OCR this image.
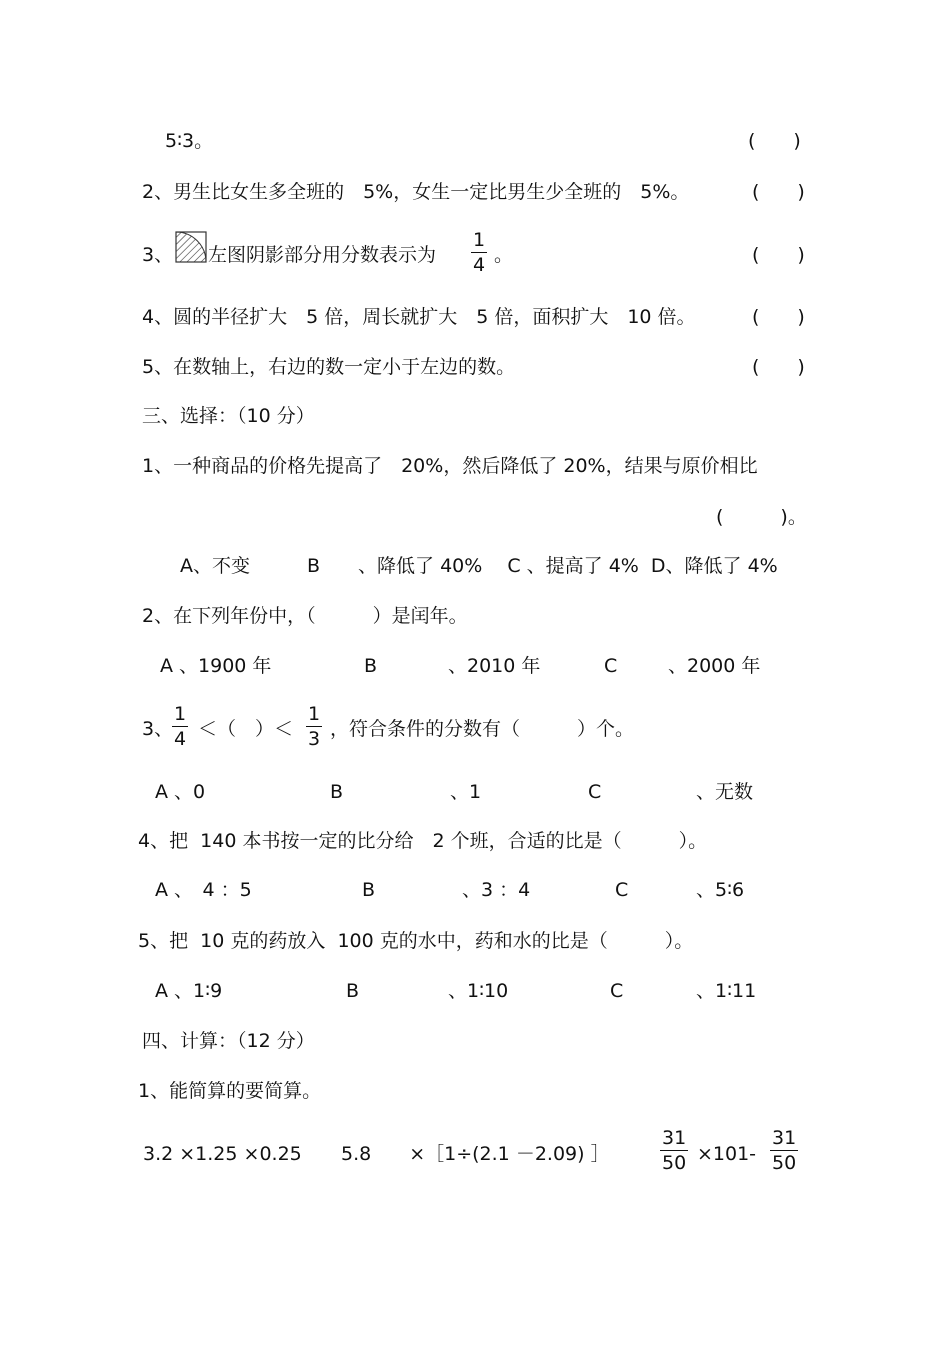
5∶3。	(　　)
2、男生比女生多全班的　5%，女生一定比男生少全班的　5%。	(　　)
3、 左图阴影部分用分数表示为
1
4 。	(　　)
4、圆的半径扩大　5 倍，周长就扩大　5 倍，面积扩大　10 倍。	(　　)
5、在数轴上，右边的数一定小于左边的数。	(　　)
三、选择：（10 分）
1、一种商品的价格先提高了　20%，然后降低了 20%，结果与原价相比
(　　　)。
A、不变　　　B　　、降低了 40%　 C 、提高了 4%  D、降低了 4%
2、在下列年份中，（　　　）是闰年。
A 、1900 年	B	、2010 年	C	、2000 年
3、
1
4 ＜（　）＜
1
3 ，符合条件的分数有（　　　）个。
A 、0	B	、1	C	、无数
4、把  140 本书按一定的比分给　2 个班，合适的比是（　　　）。
A 、　4 ：5	B	、3 ：4	C	、5∶6
5、把  10 克的药放入  100 克的水中，药和水的比是（　　　）。
A 、1∶9	B	、1∶10	C	、1∶11
四、计算：（12 分）
1、能简算的要简算。
3.2 ×1.25 ×0.25 5.8　　×［1÷(2.1 －2.09) ］
31
50 ×101-
31
50
